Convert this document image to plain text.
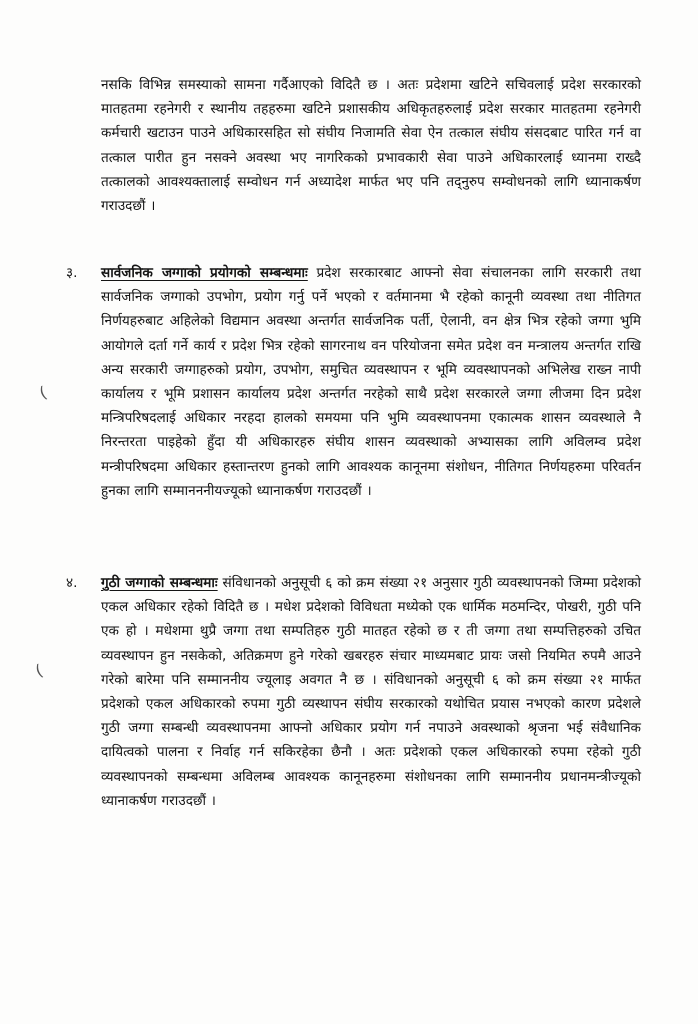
नसकि विभिन्न समस्याको सामना गर्दैआएको विदितै छ । अतः प्रदेशमा खटिने सचिवलाई प्रदेश सरकारको मातहतमा रहनेगरी र स्थानीय तहहरुमा खटिने प्रशासकीय अधिकृतहरुलाई प्रदेश सरकार मातहतमा रहनेगरी कर्मचारी खटाउन पाउने अधिकारसहित सो संघीय निजामति सेवा ऐन तत्काल संघीय संसदबाट पारित गर्न वा तत्काल पारीत हुन नसक्ने अवस्था भए नागरिकको प्रभावकारी सेवा पाउने अधिकारलाई ध्यानमा राख्दै तत्कालको आवश्यक्तालाई सम्वोधन गर्न अध्यादेश मार्फत भए पनि तद्नुरुप सम्वोधनको लागि ध्यानाकर्षण गराउदछौं ।

३. सार्वजनिक जग्गाको प्रयोगको सम्बन्धमाः प्रदेश सरकारबाट आफ्नो सेवा संचालनका लागि सरकारी तथा सार्वजनिक जग्गाको उपभोग, प्रयोग गर्नु पर्ने भएको र वर्तमानमा भै रहेको कानूनी व्यवस्था तथा नीतिगत निर्णयहरुबाट अहिलेको विद्यमान अवस्था अन्तर्गत सार्वजनिक पर्ती, ऐलानी, वन क्षेत्र भित्र रहेको जग्गा भुमि आयोगले दर्ता गर्ने कार्य र प्रदेश भित्र रहेको सागरनाथ वन परियोजना समेत प्रदेश वन मन्त्रालय अन्तर्गत राखि अन्य सरकारी जग्गाहरुको प्रयोग, उपभोग, समुचित व्यवस्थापन र भूमि व्यवस्थापनको अभिलेख राख्न नापी कार्यालय र भूमि प्रशासन कार्यालय प्रदेश अन्तर्गत नरहेको साथै प्रदेश सरकारले जग्गा लीजमा दिन प्रदेश मन्त्रिपरिषदलाई अधिकार नरहदा हालको समयमा पनि भुमि व्यवस्थापनमा एकात्मक शासन व्यवस्थाले नै निरन्तरता पाइहेको हुँदा यी अधिकारहरु संघीय शासन व्यवस्थाको अभ्यासका लागि अविलम्व प्रदेश मन्त्रीपरिषदमा अधिकार हस्तान्तरण हुनको लागि आवश्यक कानूनमा संशोधन, नीतिगत निर्णयहरुमा परिवर्तन हुनका लागि सम्मानननीयज्यूको ध्यानाकर्षण गराउदछौं ।

४. गुठी जग्गाको सम्बन्धमाः संविधानको अनुसूची ६ को क्रम संख्या २१ अनुसार गुठी व्यवस्थापनको जिम्मा प्रदेशको एकल अधिकार रहेको विदितै छ । मधेश प्रदेशको विविधता मध्येको एक धार्मिक मठमन्दिर, पोखरी, गुठी पनि एक हो । मधेशमा थुप्रै जग्गा तथा सम्पतिहरु गुठी मातहत रहेको छ र ती जग्गा तथा सम्पत्तिहरुको उचित व्यवस्थापन हुन नसकेको, अतिक्रमण हुने गरेको खबरहरु संचार माध्यमबाट प्रायः जसो नियमित रुपमै आउने गरेको बारेमा पनि सम्माननीय ज्यूलाइ अवगत नै छ । संविधानको अनुसूची ६ को क्रम संख्या २१ मार्फत प्रदेशको एकल अधिकारको रुपमा गुठी व्यस्थापन संघीय सरकारको यथोचित प्रयास नभएको कारण प्रदेशले गुठी जग्गा सम्बन्धी व्यवस्थापनमा आफ्नो अधिकार प्रयोग गर्न नपाउने अवस्थाको श्रृजना भई संवैधानिक दायित्वको पालना र निर्वाह गर्न सकिरहेका छैनौ । अतः प्रदेशको एकल अधिकारको रुपमा रहेको गुठी व्यवस्थापनको सम्बन्धमा अविलम्ब आवश्यक कानूनहरुमा संशोधनका लागि सम्माननीय प्रधानमन्त्रीज्यूको ध्यानाकर्षण गराउदछौं ।

(
(
